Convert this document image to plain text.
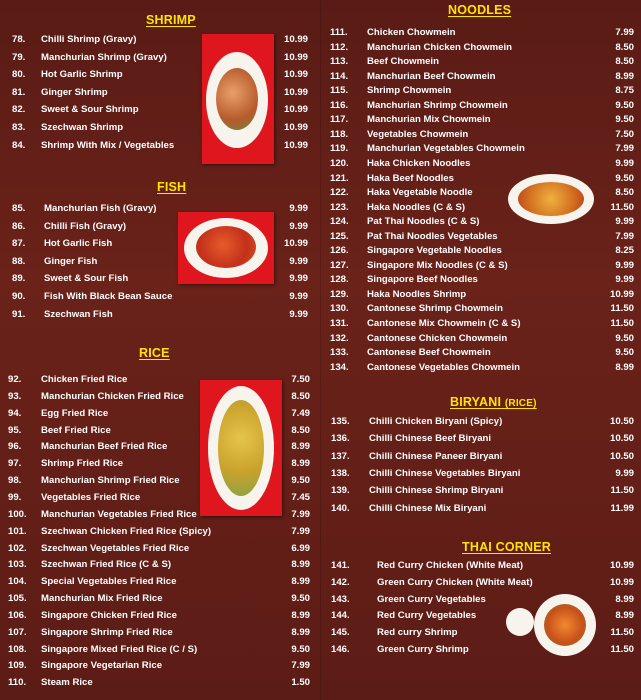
SHRIMP
78. Chilli Shrimp (Gravy)	10.99
79. Manchurian Shrimp (Gravy)	10.99
80. Hot Garlic Shrimp	10.99
81. Ginger Shrimp	10.99
82. Sweet & Sour Shrimp	10.99
83. Szechwan Shrimp	10.99
84. Shrimp With Mix / Vegetables	10.99
FISH
85. Manchurian Fish (Gravy)	9.99
86. Chilli Fish (Gravy)	9.99
87. Hot Garlic Fish	10.99
88. Ginger Fish	9.99
89. Sweet & Sour Fish	9.99
90. Fish With Black Bean Sauce	9.99
91. Szechwan Fish	9.99
RICE
92. Chicken Fried Rice	7.50
93. Manchurian Chicken Fried Rice	8.50
94. Egg Fried Rice	7.49
95. Beef Fried Rice	8.50
96. Manchurian Beef Fried Rice	8.99
97. Shrimp Fried Rice	8.99
98. Manchurian Shrimp Fried Rice	9.50
99. Vegetables Fried Rice	7.45
100. Manchurian Vegetables Fried Rice	7.99
101. Szechwan Chicken Fried Rice (Spicy)	7.99
102. Szechwan Vegetables Fried Rice	6.99
103. Szechwan Fried Rice (C & S)	8.99
104. Special Vegetables Fried Rice	8.99
105. Manchurian Mix Fried Rice	9.50
106. Singapore Chicken Fried Rice	8.99
107. Singapore Shrimp Fried Rice	8.99
108. Singapore Mixed Fried Rice (C / S)	9.50
109. Singapore Vegetarian Rice	7.99
110. Steam Rice	1.50
NOODLES
111. Chicken Chowmein	7.99
112. Manchurian Chicken Chowmein	8.50
113. Beef Chowmein	8.50
114. Manchurian Beef Chowmein	8.99
115. Shrimp Chowmein	8.75
116. Manchurian Shrimp Chowmein	9.50
117. Manchurian Mix Chowmein	9.50
118. Vegetables Chowmein	7.50
119. Manchurian Vegetables Chowmein	7.99
120. Haka Chicken Noodles	9.99
121. Haka Beef Noodles	9.50
122. Haka Vegetable Noodle	8.50
123. Haka Noodles (C & S)	11.50
124. Pat Thai Noodles (C & S)	9.99
125. Pat Thai Noodles Vegetables	7.99
126. Singapore Vegetable Noodles	8.25
127. Singapore Mix Noodles (C & S)	9.99
128. Singapore Beef Noodles	9.99
129. Haka Noodles Shrimp	10.99
130. Cantonese Shrimp Chowmein	11.50
131. Cantonese Mix Chowmein (C & S)	11.50
132. Cantonese Chicken Chowmein	9.50
133. Cantonese Beef Chowmein	9.50
134. Cantonese Vegetables Chowmein	8.99
BIRYANI (RICE)
135. Chilli Chicken Biryani (Spicy)	10.50
136. Chilli Chinese Beef Biryani	10.50
137. Chilli Chinese Paneer Biryani	10.50
138. Chilli Chinese Vegetables Biryani	9.99
139. Chilli Chinese Shrimp Biryani	11.50
140. Chilli Chinese Mix Biryani	11.99
THAI CORNER
141.	Red Curry Chicken (White Meat)	10.99
142.	Green Curry Chicken (White Meat)	10.99
143.	Green Curry Vegetables	8.99
144.	Red Curry Vegetables	8.99
145.	Red curry Shrimp	11.50
146.	Green Curry Shrimp	11.50
